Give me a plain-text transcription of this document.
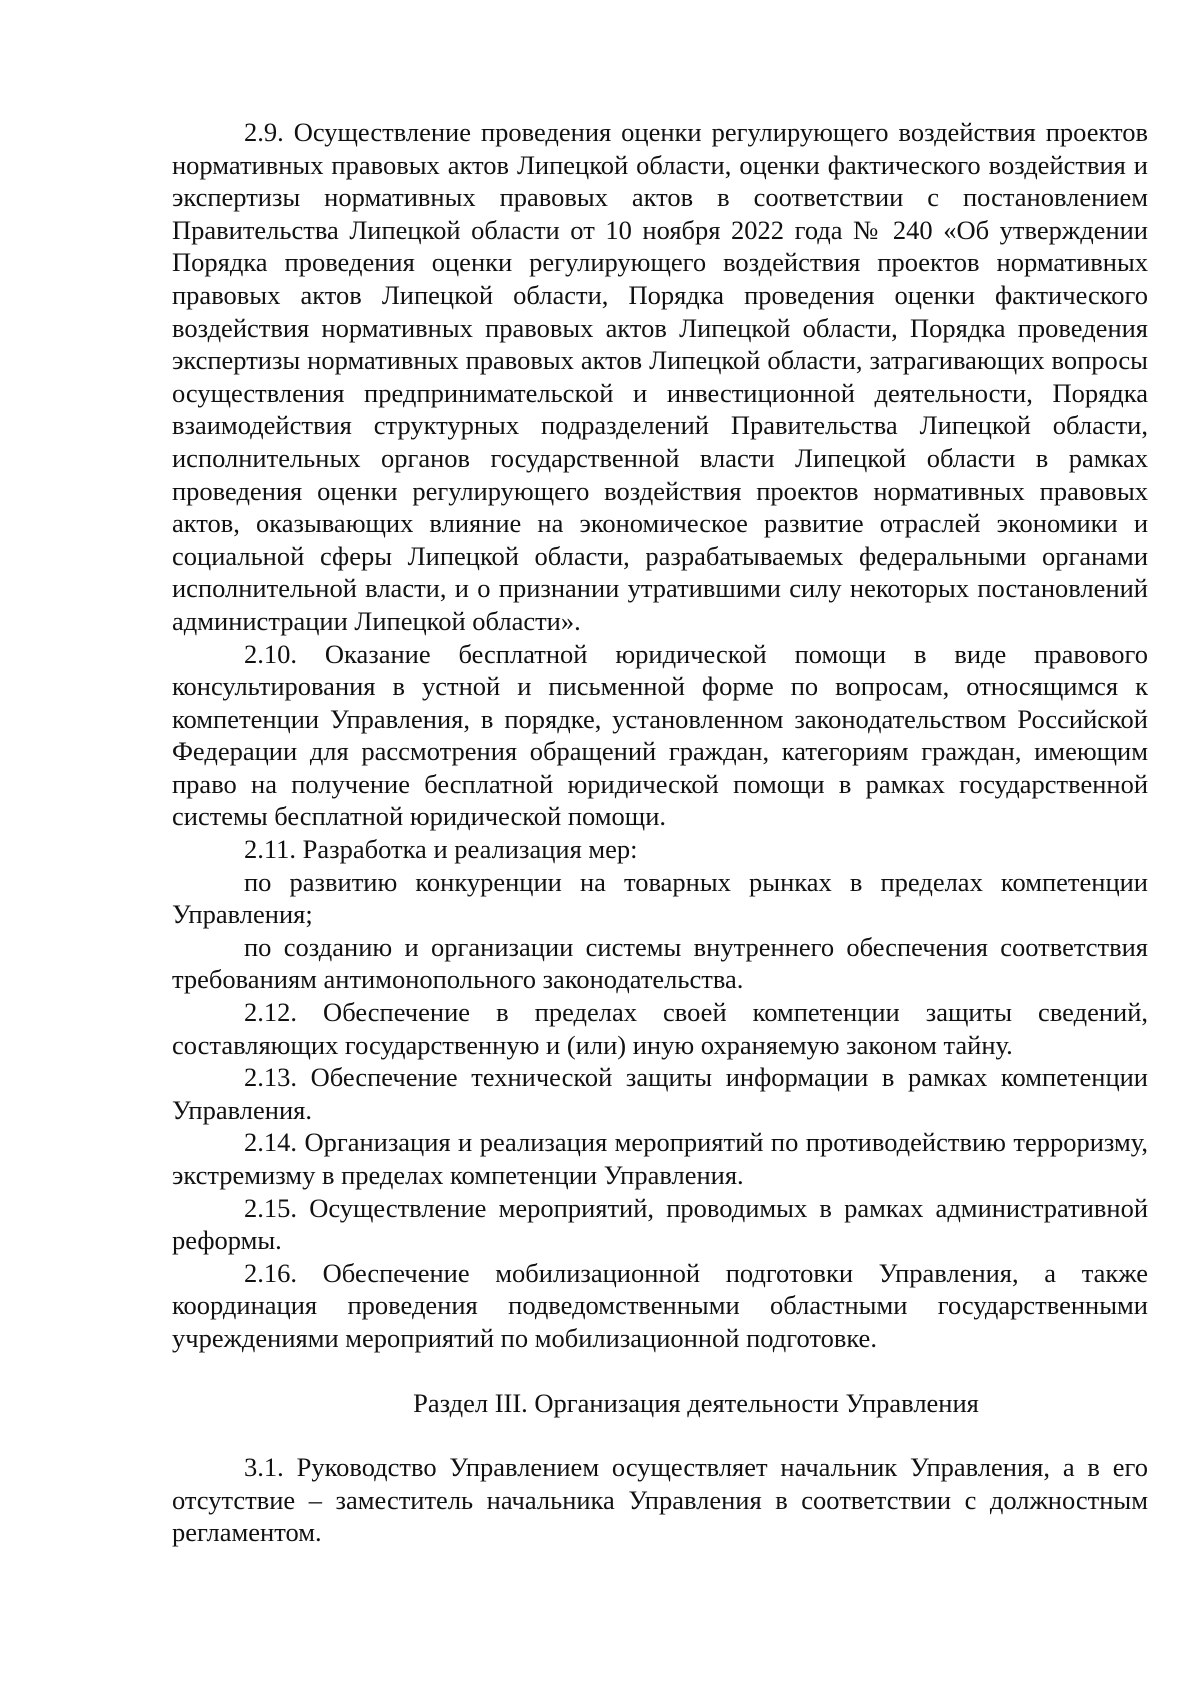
2.9. Осуществление проведения оценки регулирующего воздействия проектов нормативных правовых актов Липецкой области, оценки фактического воздействия и экспертизы нормативных правовых актов в соответствии с постановлением Правительства Липецкой области от 10 ноября 2022 года № 240 «Об утверждении Порядка проведения оценки регулирующего воздействия проектов нормативных правовых актов Липецкой области, Порядка проведения оценки фактического воздействия нормативных правовых актов Липецкой области, Порядка проведения экспертизы нормативных правовых актов Липецкой области, затрагивающих вопросы осуществления предпринимательской и инвестиционной деятельности, Порядка взаимодействия структурных подразделений Правительства Липецкой области, исполнительных органов государственной власти Липецкой области в рамках проведения оценки регулирующего воздействия проектов нормативных правовых актов, оказывающих влияние на экономическое развитие отраслей экономики и социальной сферы Липецкой области, разрабатываемых федеральными органами исполнительной власти, и о признании утратившими силу некоторых постановлений администрации Липецкой области».

2.10. Оказание бесплатной юридической помощи в виде правового консультирования в устной и письменной форме по вопросам, относящимся к компетенции Управления, в порядке, установленном законодательством Российской Федерации для рассмотрения обращений граждан, категориям граждан, имеющим право на получение бесплатной юридической помощи в рамках государственной системы бесплатной юридической помощи.

2.11. Разработка и реализация мер:

по развитию конкуренции на товарных рынках в пределах компетенции Управления;

по созданию и организации системы внутреннего обеспечения соответствия требованиям антимонопольного законодательства.

2.12. Обеспечение в пределах своей компетенции защиты сведений, составляющих государственную и (или) иную охраняемую законом тайну.

2.13. Обеспечение технической защиты информации в рамках компетенции Управления.

2.14. Организация и реализация мероприятий по противодействию терроризму, экстремизму в пределах компетенции Управления.

2.15. Осуществление мероприятий, проводимых в рамках административной реформы.

2.16. Обеспечение мобилизационной подготовки Управления, а также координация проведения подведомственными областными государственными учреждениями мероприятий по мобилизационной подготовке.

Раздел III. Организация деятельности Управления

3.1. Руководство Управлением осуществляет начальник Управления, а в его отсутствие – заместитель начальника Управления в соответствии с должностным регламентом.
